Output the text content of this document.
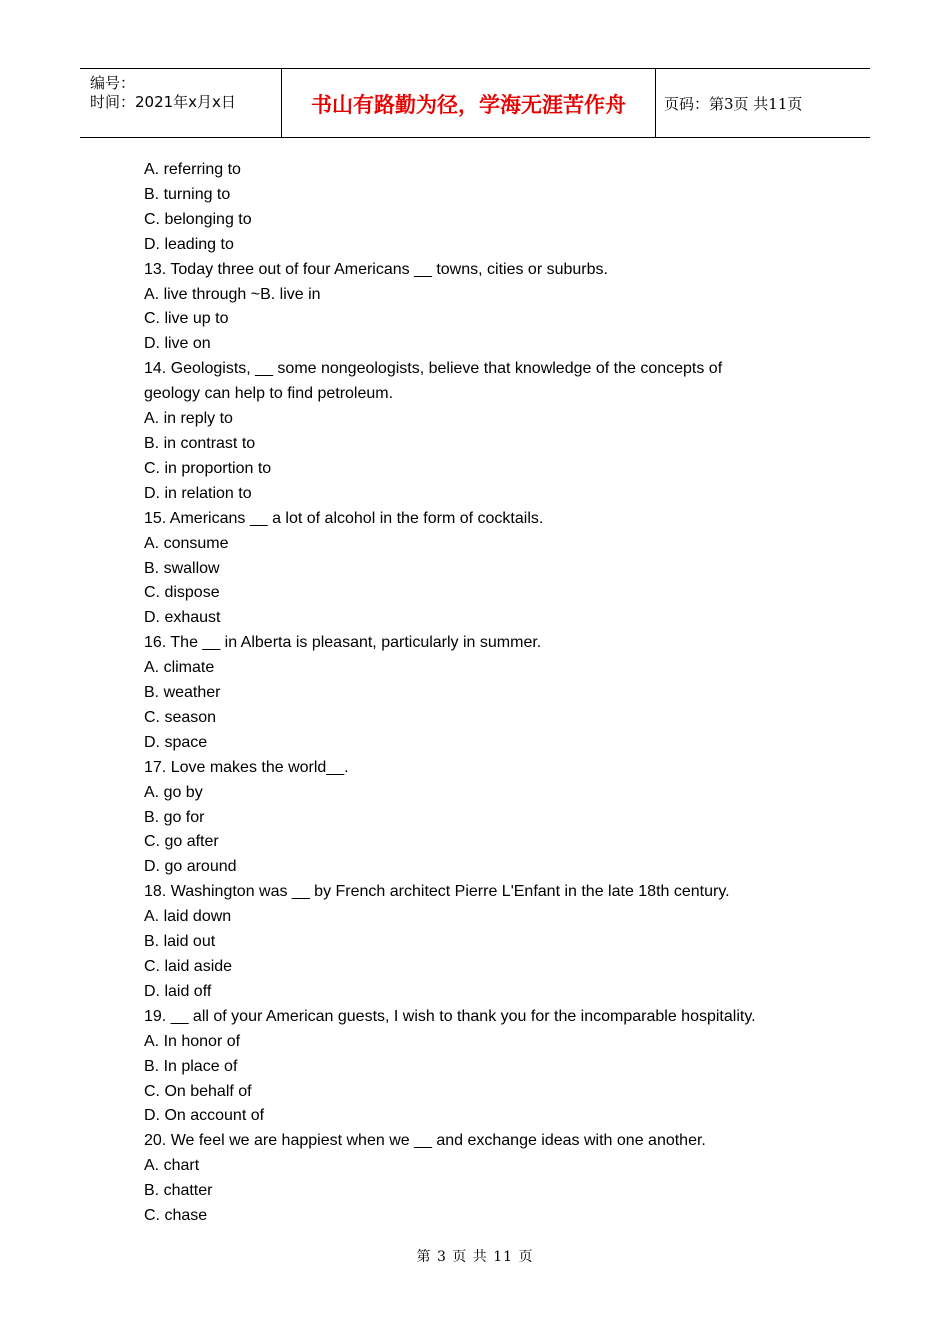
编号：
时间：2021年x月x日	书山有路勤为径，学海无涯苦作舟	页码：第3页 共11页
A. referring to
B. turning to
C. belonging to
D. leading to
13. Today three out of four Americans __ towns, cities or suburbs.
A. live through ~B. live in
C. live up to
D. live on
14. Geologists, __ some nongeologists, believe that knowledge of the concepts of
geology can help to find petroleum.
A. in reply to
B. in contrast to
C. in proportion to
D. in relation to
15. Americans __ a lot of alcohol in the form of cocktails.
A. consume
B. swallow
C. dispose
D. exhaust
16. The __ in Alberta is pleasant, particularly in summer.
A. climate
B. weather
C. season
D. space
17. Love makes the world__.
A. go by
B. go for
C. go after
D. go around
18. Washington was __ by French architect Pierre L'Enfant in the late 18th century.
A. laid down
B. laid out
C. laid aside
D. laid off
19. __ all of your American guests, I wish to thank you for the incomparable hospitality.
A. In honor of
B. In place of
C. On behalf of
D. On account of
20. We feel we are happiest when we __ and exchange ideas with one another.
A. chart
B. chatter
C. chase
第 3 页 共 11 页
